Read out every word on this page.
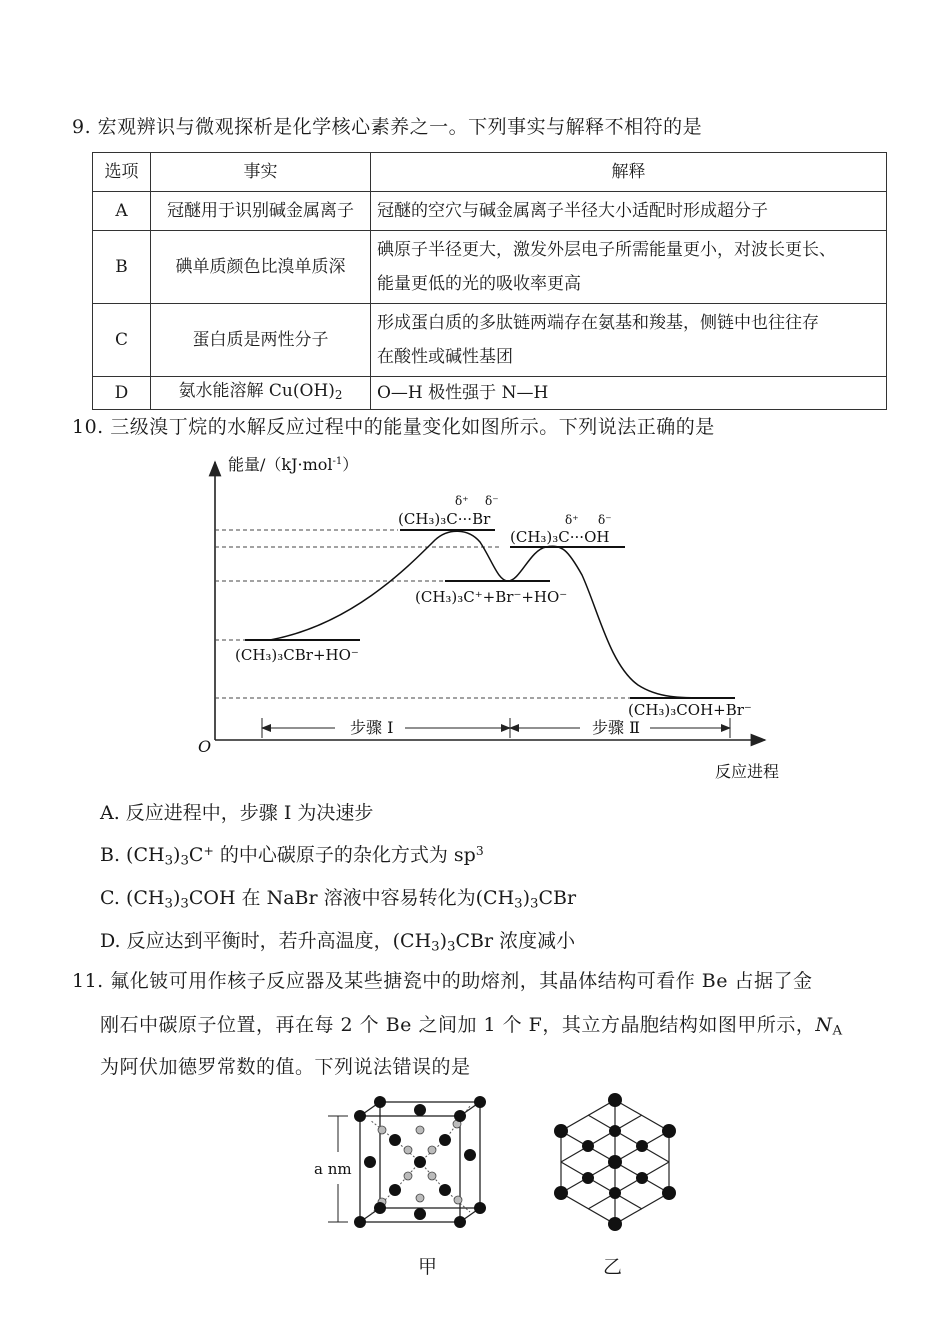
9. 宏观辨识与微观探析是化学核心素养之一。下列事实与解释不相符的是
选项	事实	解释
A	冠醚用于识别碱金属离子	冠醚的空穴与碱金属离子半径大小适配时形成超分子
B	碘单质颜色比溴单质深	碘原子半径更大，激发外层电子所需能量更小，对波长更长、
能量更低的光的吸收率更高

C	蛋白质是两性分子	形成蛋白质的多肽链两端存在氨基和羧基，侧链中也往往存
在酸性或碱性基团

D	氨水能溶解 $Cu(OH)_2$	O—H 极性强于 N—H
10. 三级溴丁烷的水解反应过程中的能量变化如图所示。下列说法正确的是
能量/（kJ·mol$^{-1}$）
O
反应进程
步骤 Ⅰ	步骤 Ⅱ
(CH₃)₃CBr+HO⁻
δ⁺ δ⁻
(CH₃)₃C···Br
(CH₃)₃C⁺+Br⁻+HO⁻
δ⁺ δ⁻
(CH₃)₃C···OH
(CH₃)₃COH+Br⁻
A. 反应进程中，步骤 Ⅰ 为决速步
B. $(CH_3)_3C^+$ 的中心碳原子的杂化方式为 $sp^3$
C. $(CH_3)_3COH$ 在 NaBr 溶液中容易转化为$(CH_3)_3CBr$
D. 反应达到平衡时，若升高温度，$(CH_3)_3CBr$ 浓度减小
11. 氟化铍可用作核子反应器及某些搪瓷中的助熔剂，其晶体结构可看作 Be 占据了金
刚石中碳原子位置，再在每 2 个 Be 之间加 1 个 F，其立方晶胞结构如图甲所示，$N_A$
为阿伏加德罗常数的值。下列说法错误的是
a nm
甲	乙
